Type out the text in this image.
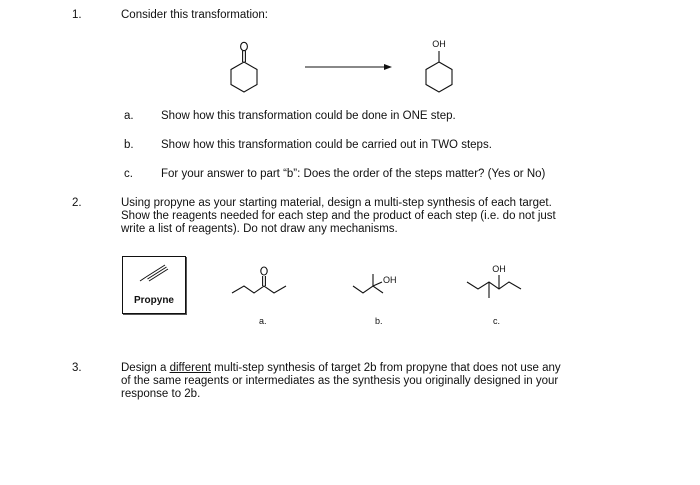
1.	Consider this transformation:
OH
a. Show how this transformation could be done in ONE step.
b. Show how this transformation could be carried out in TWO steps.
c. For your answer to part “b”: Does the order of the steps matter? (Yes or No)
2.	Using propyne as your starting material, design a multi-step synthesis of each target.
Show the reagents needed for each step and the product of each step (i.e. do not just
write a list of reagents). Do not draw any mechanisms.
Propyne
a.
OH
b.
OH
c.
3.	Design a different multi-step synthesis of target 2b from propyne that does not use any
of the same reagents or intermediates as the synthesis you originally designed in your
response to 2b.
